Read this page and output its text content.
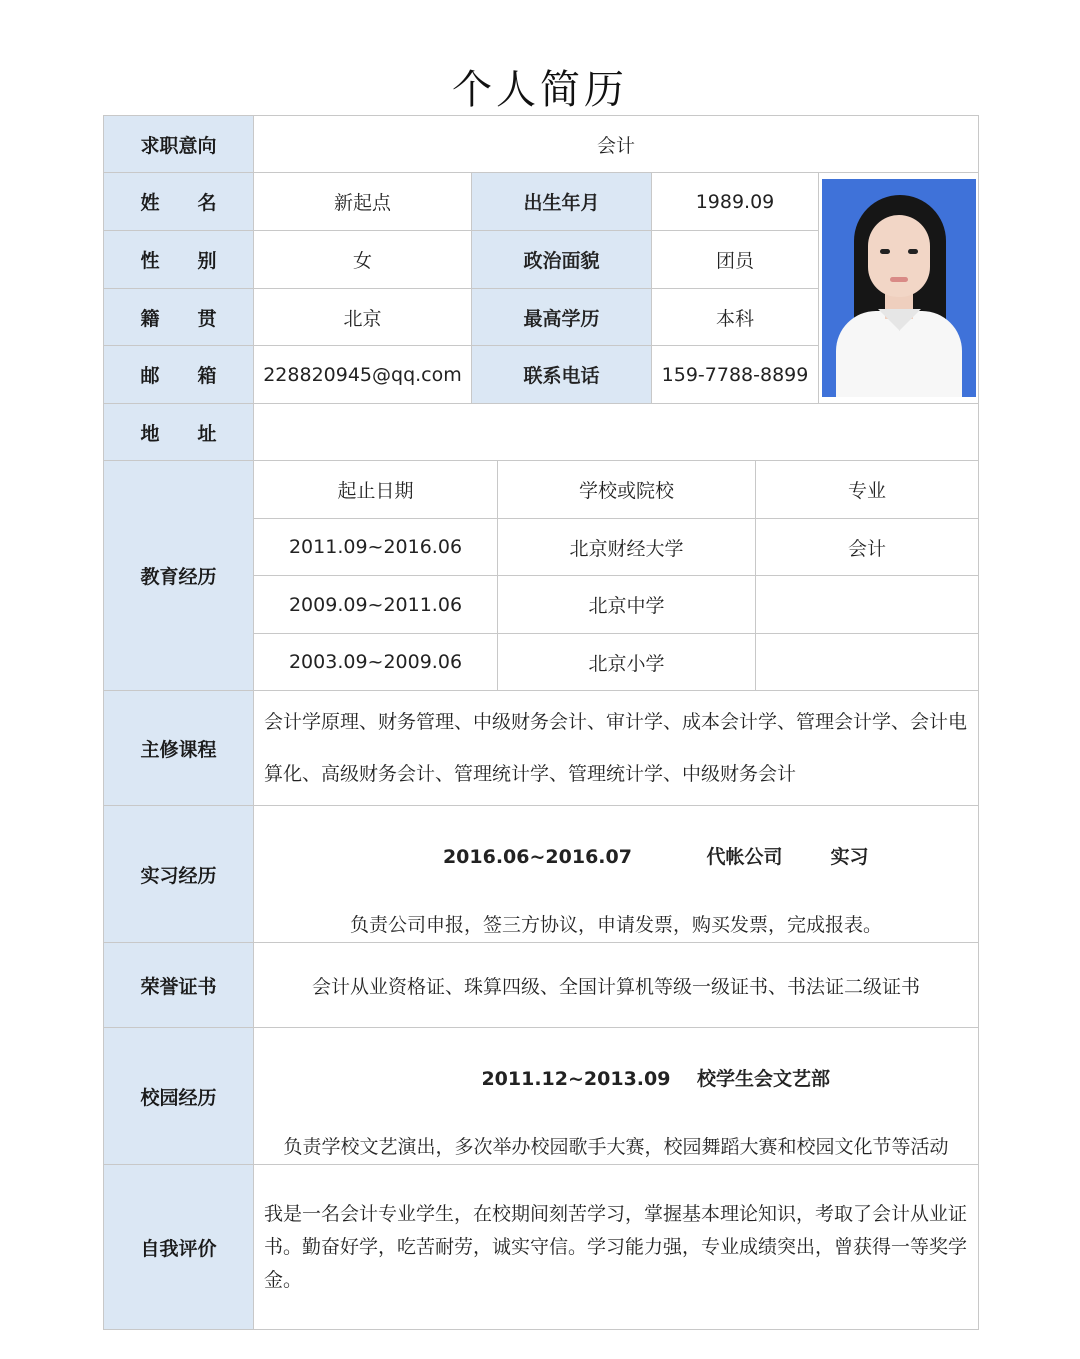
个人简历
求职意向	会计					
姓　　名	新起点	出生年月		1989.09		

性　　别	女	政治面貌		团员		
籍　　贯	北京	最高学历		本科		
邮　　箱	228820945@qq.com	联系电话		159-7788-8899		
地　　址						
教育经历	起止日期		学校或院校		专业	
	2011.09~2016.06		北京财经大学		会计	
	2009.09~2011.06		北京中学			
	2003.09~2009.06		北京小学			
主修课程	会计学原理、财务管理、中级财务会计、审计学、成本会计学、管理会计学、会计电
算化、高级财务会计、管理统计学、管理统计学、中级财务会计					

实习经历	2016.06~2016.07 代帐公司 实习

负责公司申报，签三方协议，申请发票，购买发票，完成报表。					

荣誉证书	会计从业资格证、珠算四级、全国计算机等级一级证书、书法证二级证书					
校园经历	2011.12~2013.09 校学生会文艺部

负责学校文艺演出，多次举办校园歌手大赛，校园舞蹈大赛和校园文化节等活动					

自我评价	我是一名会计专业学生，在校期间刻苦学习，掌握基本理论知识，考取了会计从业证
书。勤奋好学，吃苦耐劳，诚实守信。学习能力强，专业成绩突出，曾获得一等奖学
金。					
